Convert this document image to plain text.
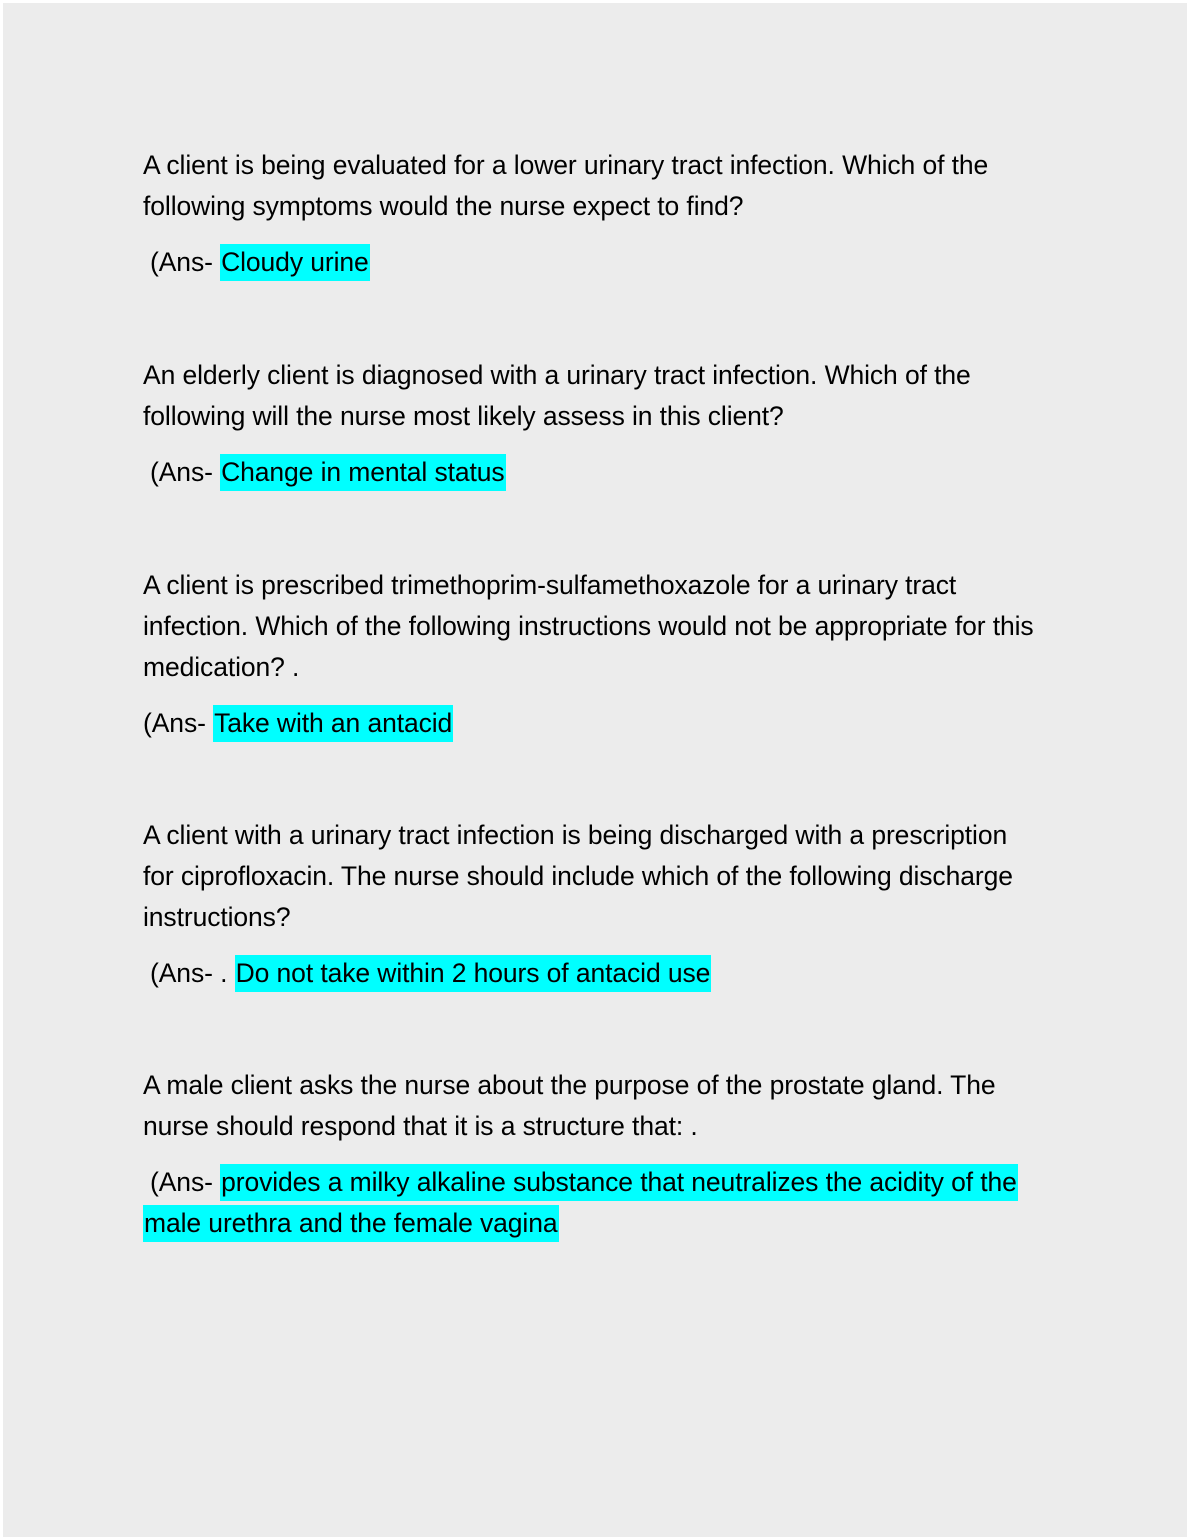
A client is being evaluated for a lower urinary tract infection. Which of the following symptoms would the nurse expect to find?

(Ans- Cloudy urine

An elderly client is diagnosed with a urinary tract infection. Which of the following will the nurse most likely assess in this client?

(Ans- Change in mental status

A client is prescribed trimethoprim-sulfamethoxazole for a urinary tract infection. Which of the following instructions would not be appropriate for this medication? .

(Ans- Take with an antacid

A client with a urinary tract infection is being discharged with a prescription for ciprofloxacin. The nurse should include which of the following discharge instructions?

(Ans- . Do not take within 2 hours of antacid use

A male client asks the nurse about the purpose of the prostate gland. The nurse should respond that it is a structure that: .

(Ans- provides a milky alkaline substance that neutralizes the acidity of the male urethra and the female vagina
